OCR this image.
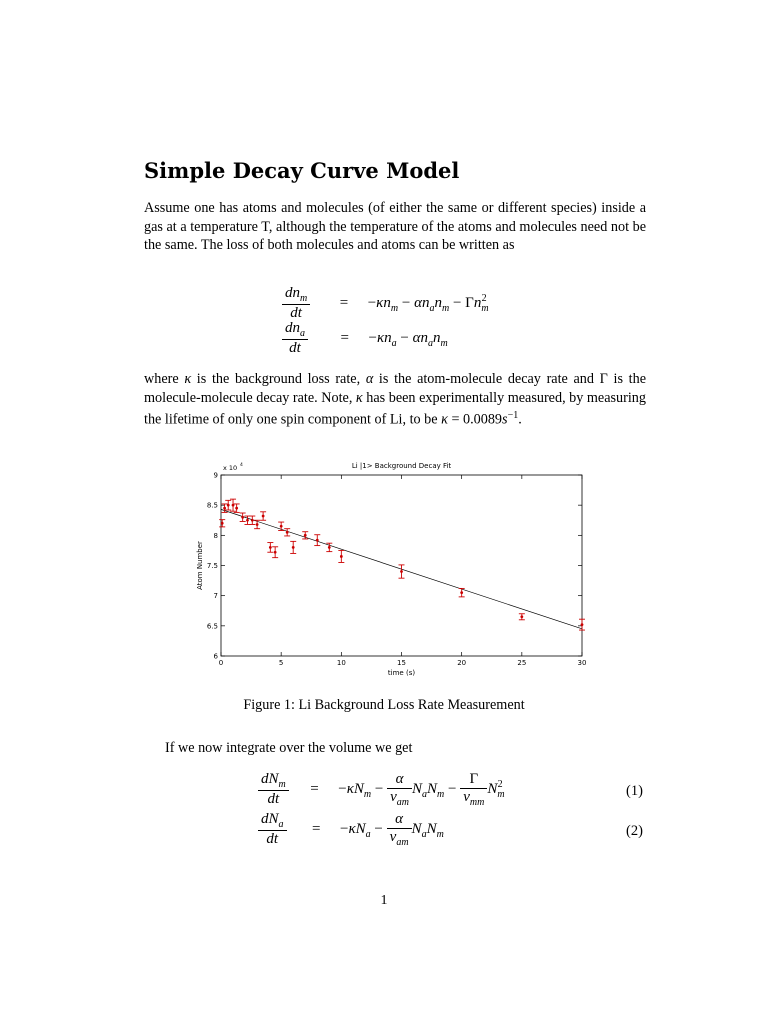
Simple Decay Curve Model

Assume one has atoms and molecules (of either the same or different species) inside a gas at a temperature T, although the temperature of the atoms and molecules need not be the same. The loss of both molecules and atoms can be written as

$\frac{dn_m}{dt} = -\kappa n_m - \alpha n_an_m - \Gamma n_m^2$
$\frac{dn_a}{dt} = -\kappa n_a - \alpha n_an_m$

where κ is the background loss rate, α is the atom-molecule decay rate and Γ is the molecule-molecule decay rate. Note, κ has been experimentally measured, by measuring the lifetime of only one spin component of Li, to be $\kappa = 0.0089s^{-1}$.

0	5	10	15	20	25	30
6
6.5
7
7.5
8
8.5
9
x 10 4	Li |1> Background Decay Fit
time (s)
Atom Number
Figure 1: Li Background Loss Rate Measurement

If we now integrate over the volume we get

$\frac{dN_m}{dt} = -\kappa N_m - \frac{\alpha}{\nu_{am}} N_aN_m - \frac{\Gamma}{\nu_{mm}} N_m^2$
$\frac{dN_a}{dt} = -\kappa N_a - \frac{\alpha}{\nu_{am}} N_aN_m$
(1)
(2)
1
